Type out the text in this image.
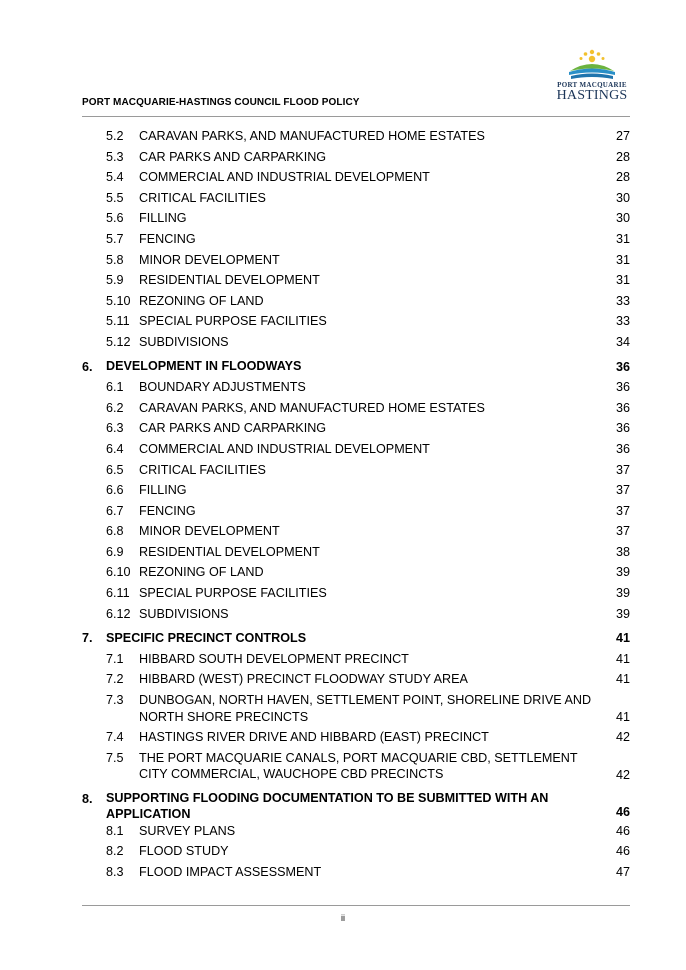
PORT MACQUARIE-HASTINGS COUNCIL FLOOD POLICY
PORT MACQUARIE
HASTINGS
5.2 CARAVAN PARKS, AND MANUFACTURED HOME ESTATES	27
5.3 CAR PARKS AND CARPARKING	28
5.4 COMMERCIAL AND INDUSTRIAL DEVELOPMENT	28
5.5 CRITICAL FACILITIES	30
5.6 FILLING	30
5.7 FENCING	31
5.8 MINOR DEVELOPMENT	31
5.9 RESIDENTIAL DEVELOPMENT	31
5.10 REZONING OF LAND	33
5.11 SPECIAL PURPOSE FACILITIES	33
5.12 SUBDIVISIONS	34
6. DEVELOPMENT IN FLOODWAYS	36
6.1 BOUNDARY ADJUSTMENTS	36
6.2 CARAVAN PARKS, AND MANUFACTURED HOME ESTATES	36
6.3 CAR PARKS AND CARPARKING	36
6.4 COMMERCIAL AND INDUSTRIAL DEVELOPMENT	36
6.5 CRITICAL FACILITIES	37
6.6 FILLING	37
6.7 FENCING	37
6.8 MINOR DEVELOPMENT	37
6.9 RESIDENTIAL DEVELOPMENT	38
6.10 REZONING OF LAND	39
6.11 SPECIAL PURPOSE FACILITIES	39
6.12 SUBDIVISIONS	39
7. SPECIFIC PRECINCT CONTROLS	41
7.1 HIBBARD SOUTH DEVELOPMENT PRECINCT	41
7.2 HIBBARD (WEST) PRECINCT FLOODWAY STUDY AREA	41
7.3 DUNBOGAN, NORTH HAVEN, SETTLEMENT POINT, SHORELINE DRIVE AND NORTH SHORE PRECINCTS	41
7.4 HASTINGS RIVER DRIVE AND HIBBARD (EAST) PRECINCT	42
7.5 THE PORT MACQUARIE CANALS, PORT MACQUARIE CBD, SETTLEMENT CITY COMMERCIAL, WAUCHOPE CBD PRECINCTS	42
8. SUPPORTING FLOODING DOCUMENTATION TO BE SUBMITTED WITH AN APPLICATION	46
8.1 SURVEY PLANS	46
8.2 FLOOD STUDY	46
8.3 FLOOD IMPACT ASSESSMENT	47
ii
